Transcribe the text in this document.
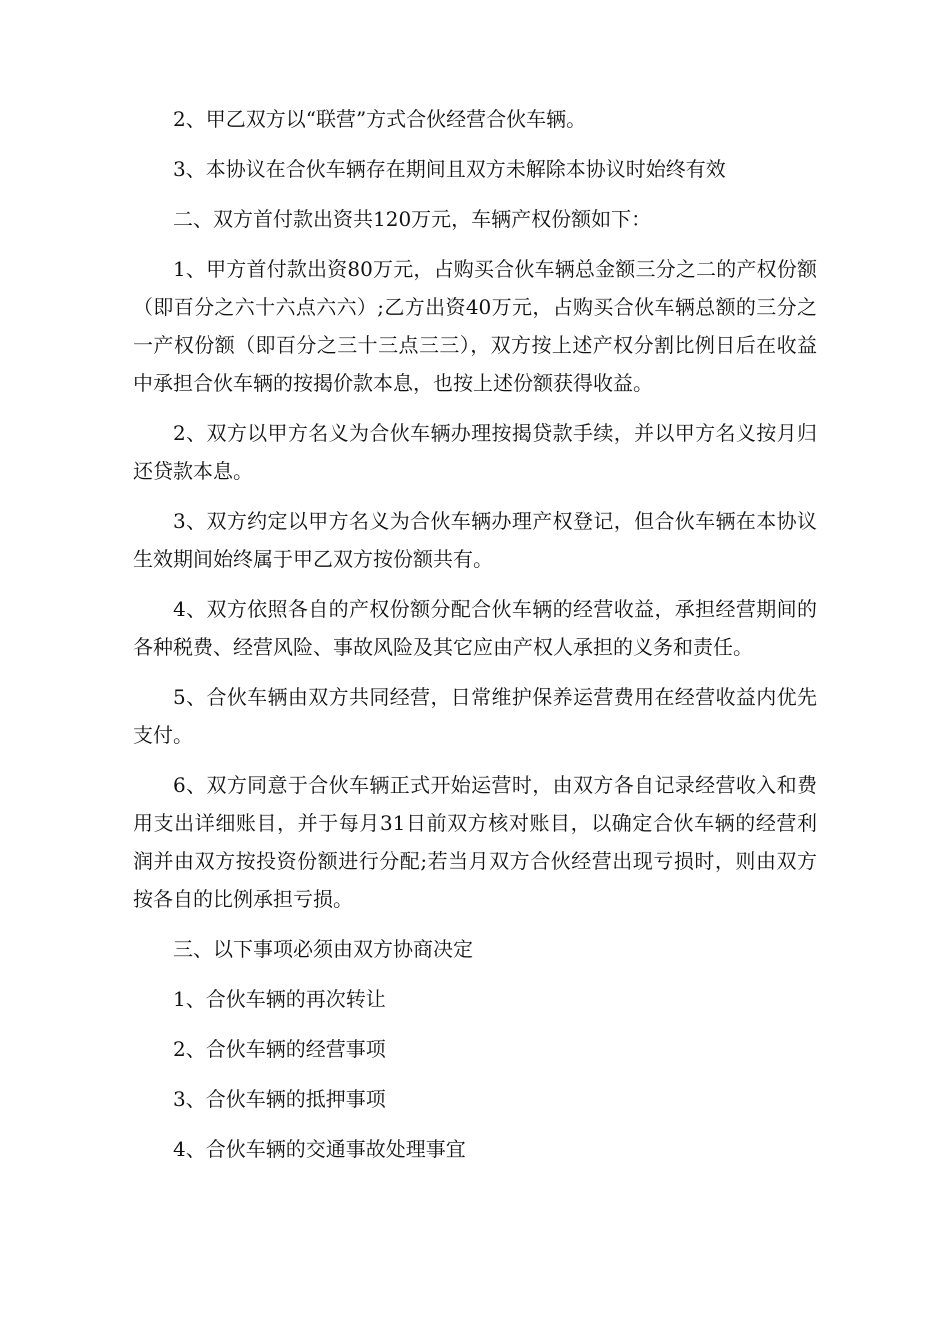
2、甲乙双方以“联营”方式合伙经营合伙车辆。

3、本协议在合伙车辆存在期间且双方未解除本协议时始终有效

二、双方首付款出资共120万元，车辆产权份额如下：

1、甲方首付款出资80万元，占购买合伙车辆总金额三分之二的产权份额（即百分之六十六点六六）;乙方出资40万元，占购买合伙车辆总额的三分之一产权份额（即百分之三十三点三三），双方按上述产权分割比例日后在收益中承担合伙车辆的按揭价款本息，也按上述份额获得收益。

2、双方以甲方名义为合伙车辆办理按揭贷款手续，并以甲方名义按月归还贷款本息。

3、双方约定以甲方名义为合伙车辆办理产权登记，但合伙车辆在本协议生效期间始终属于甲乙双方按份额共有。

4、双方依照各自的产权份额分配合伙车辆的经营收益，承担经营期间的各种税费、经营风险、事故风险及其它应由产权人承担的义务和责任。

5、合伙车辆由双方共同经营，日常维护保养运营费用在经营收益内优先支付。

6、双方同意于合伙车辆正式开始运营时，由双方各自记录经营收入和费用支出详细账目，并于每月31日前双方核对账目，以确定合伙车辆的经营利润并由双方按投资份额进行分配;若当月双方合伙经营出现亏损时，则由双方按各自的比例承担亏损。

三、以下事项必须由双方协商决定

1、合伙车辆的再次转让

2、合伙车辆的经营事项

3、合伙车辆的抵押事项

4、合伙车辆的交通事故处理事宜
